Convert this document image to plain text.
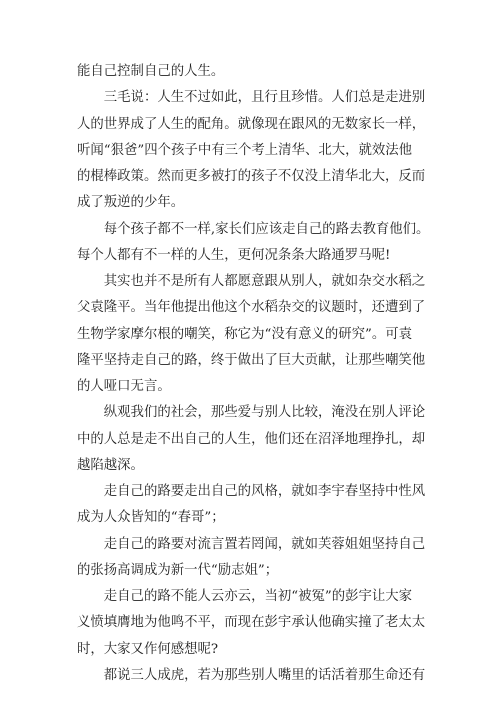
能自己控制自己的人生。
　　三毛说：人生不过如此，且行且珍惜。人们总是走进别
人的世界成了人生的配角。就像现在跟风的无数家长一样，
听闻“狠爸”四个孩子中有三个考上清华、北大，就效法他
的棍棒政策。然而更多被打的孩子不仅没上清华北大，反而
成了叛逆的少年。
　　每个孩子都不一样,家长们应该走自己的路去教育他们。
每个人都有不一样的人生，更何况条条大路通罗马呢!
　　其实也并不是所有人都愿意跟从别人，就如杂交水稻之
父袁隆平。当年他提出他这个水稻杂交的议题时，还遭到了
生物学家摩尔根的嘲笑，称它为“没有意义的研究”。可袁
隆平坚持走自己的路，终于做出了巨大贡献，让那些嘲笑他
的人哑口无言。
　　纵观我们的社会，那些爱与别人比较，淹没在别人评论
中的人总是走不出自己的人生，他们还在沼泽地理挣扎，却
越陷越深。
　　走自己的路要走出自己的风格，就如李宇春坚持中性风
成为人众皆知的“春哥”；
　　走自己的路要对流言置若罔闻，就如芙蓉姐姐坚持自己
的张扬高调成为新一代“励志姐”；
　　走自己的路不能人云亦云，当初“被冤”的彭宇让大家
义愤填膺地为他鸣不平，而现在彭宇承认他确实撞了老太太
时，大家又作何感想呢?
　　都说三人成虎，若为那些别人嘴里的话活着那生命还有
